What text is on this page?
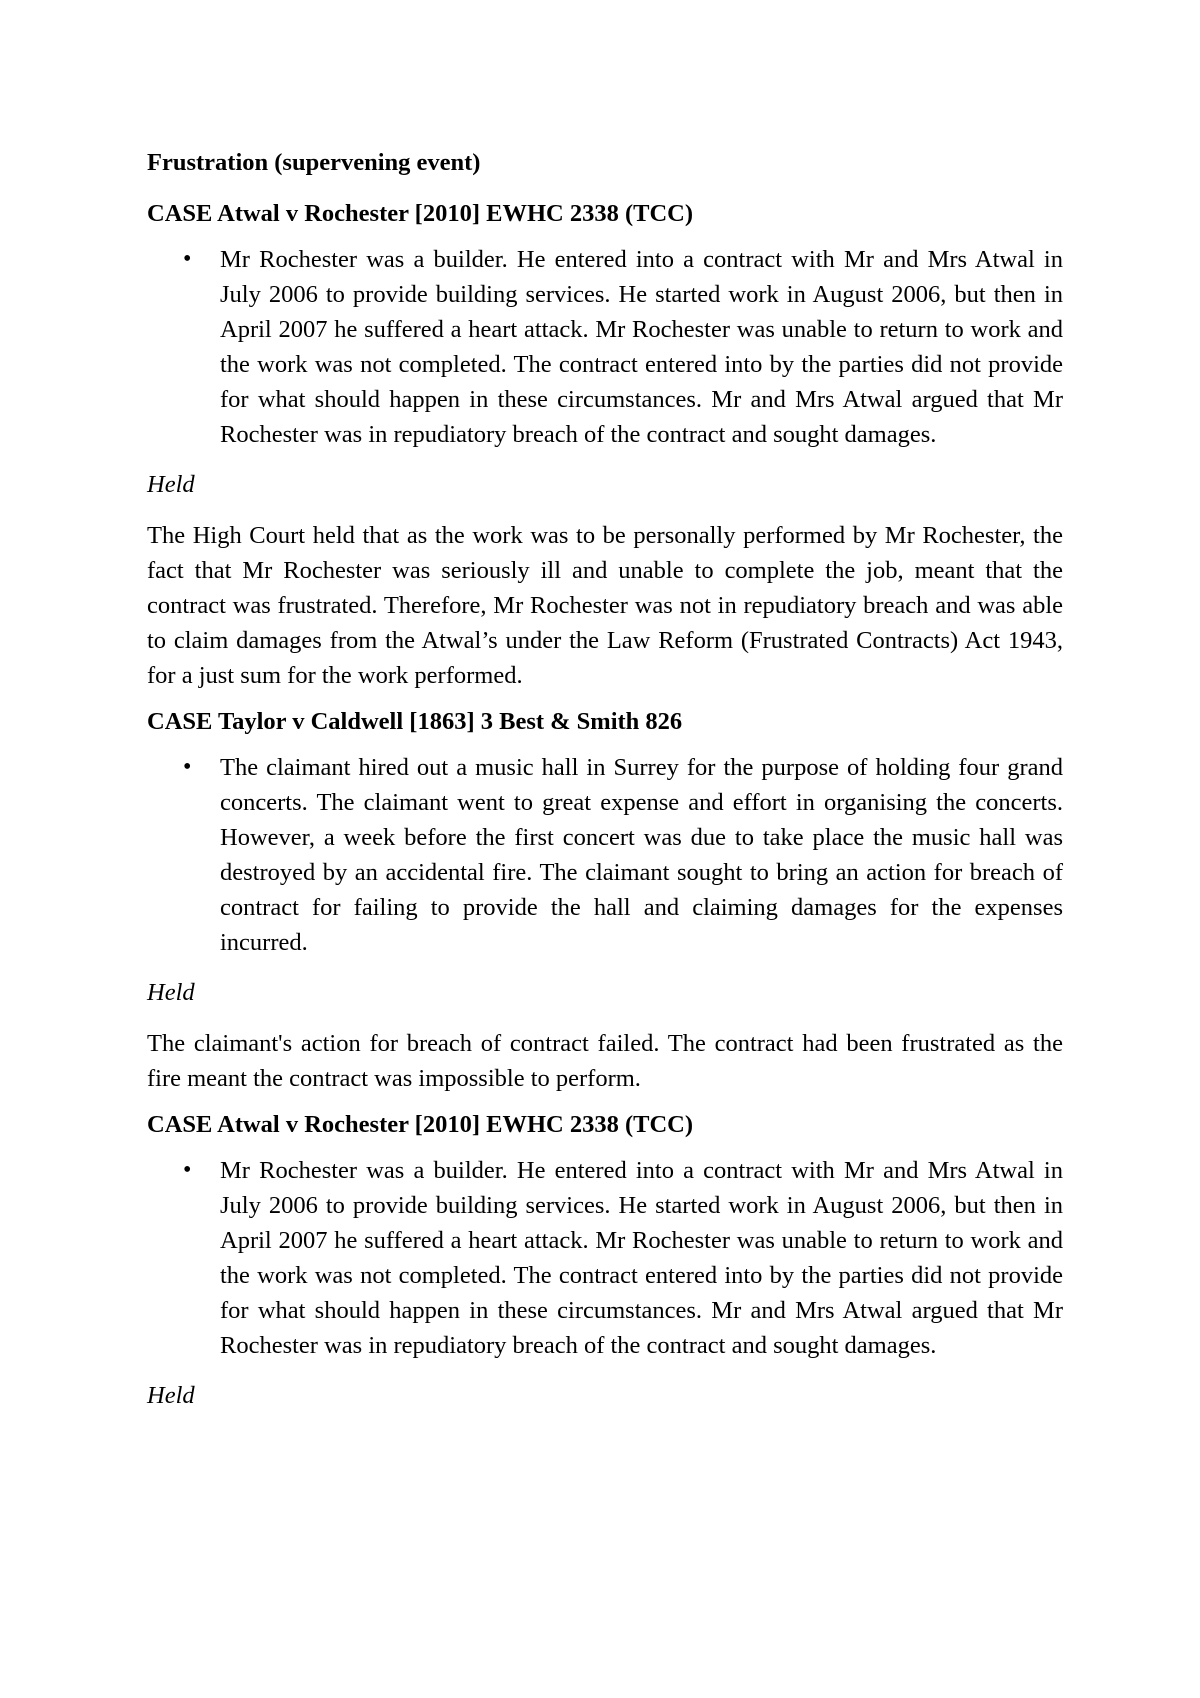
Frustration (supervening event)

CASE Atwal v Rochester [2010] EWHC 2338 (TCC)

• Mr Rochester was a builder. He entered into a contract with Mr and Mrs Atwal in July 2006 to provide building services. He started work in August 2006, but then in April 2007 he suffered a heart attack. Mr Rochester was unable to return to work and the work was not completed. The contract entered into by the parties did not provide for what should happen in these circumstances. Mr and Mrs Atwal argued that Mr Rochester was in repudiatory breach of the contract and sought damages.

Held

The High Court held that as the work was to be personally performed by Mr Rochester, the fact that Mr Rochester was seriously ill and unable to complete the job, meant that the contract was frustrated. Therefore, Mr Rochester was not in repudiatory breach and was able to claim damages from the Atwal’s under the Law Reform (Frustrated Contracts) Act 1943, for a just sum for the work performed.

CASE Taylor v Caldwell [1863] 3 Best & Smith 826

• The claimant hired out a music hall in Surrey for the purpose of holding four grand concerts. The claimant went to great expense and effort in organising the concerts. However, a week before the first concert was due to take place the music hall was destroyed by an accidental fire. The claimant sought to bring an action for breach of contract for failing to provide the hall and claiming damages for the expenses incurred.

Held

The claimant's action for breach of contract failed. The contract had been frustrated as the fire meant the contract was impossible to perform.

CASE Atwal v Rochester [2010] EWHC 2338 (TCC)

• Mr Rochester was a builder. He entered into a contract with Mr and Mrs Atwal in July 2006 to provide building services. He started work in August 2006, but then in April 2007 he suffered a heart attack. Mr Rochester was unable to return to work and the work was not completed. The contract entered into by the parties did not provide for what should happen in these circumstances. Mr and Mrs Atwal argued that Mr Rochester was in repudiatory breach of the contract and sought damages.

Held
